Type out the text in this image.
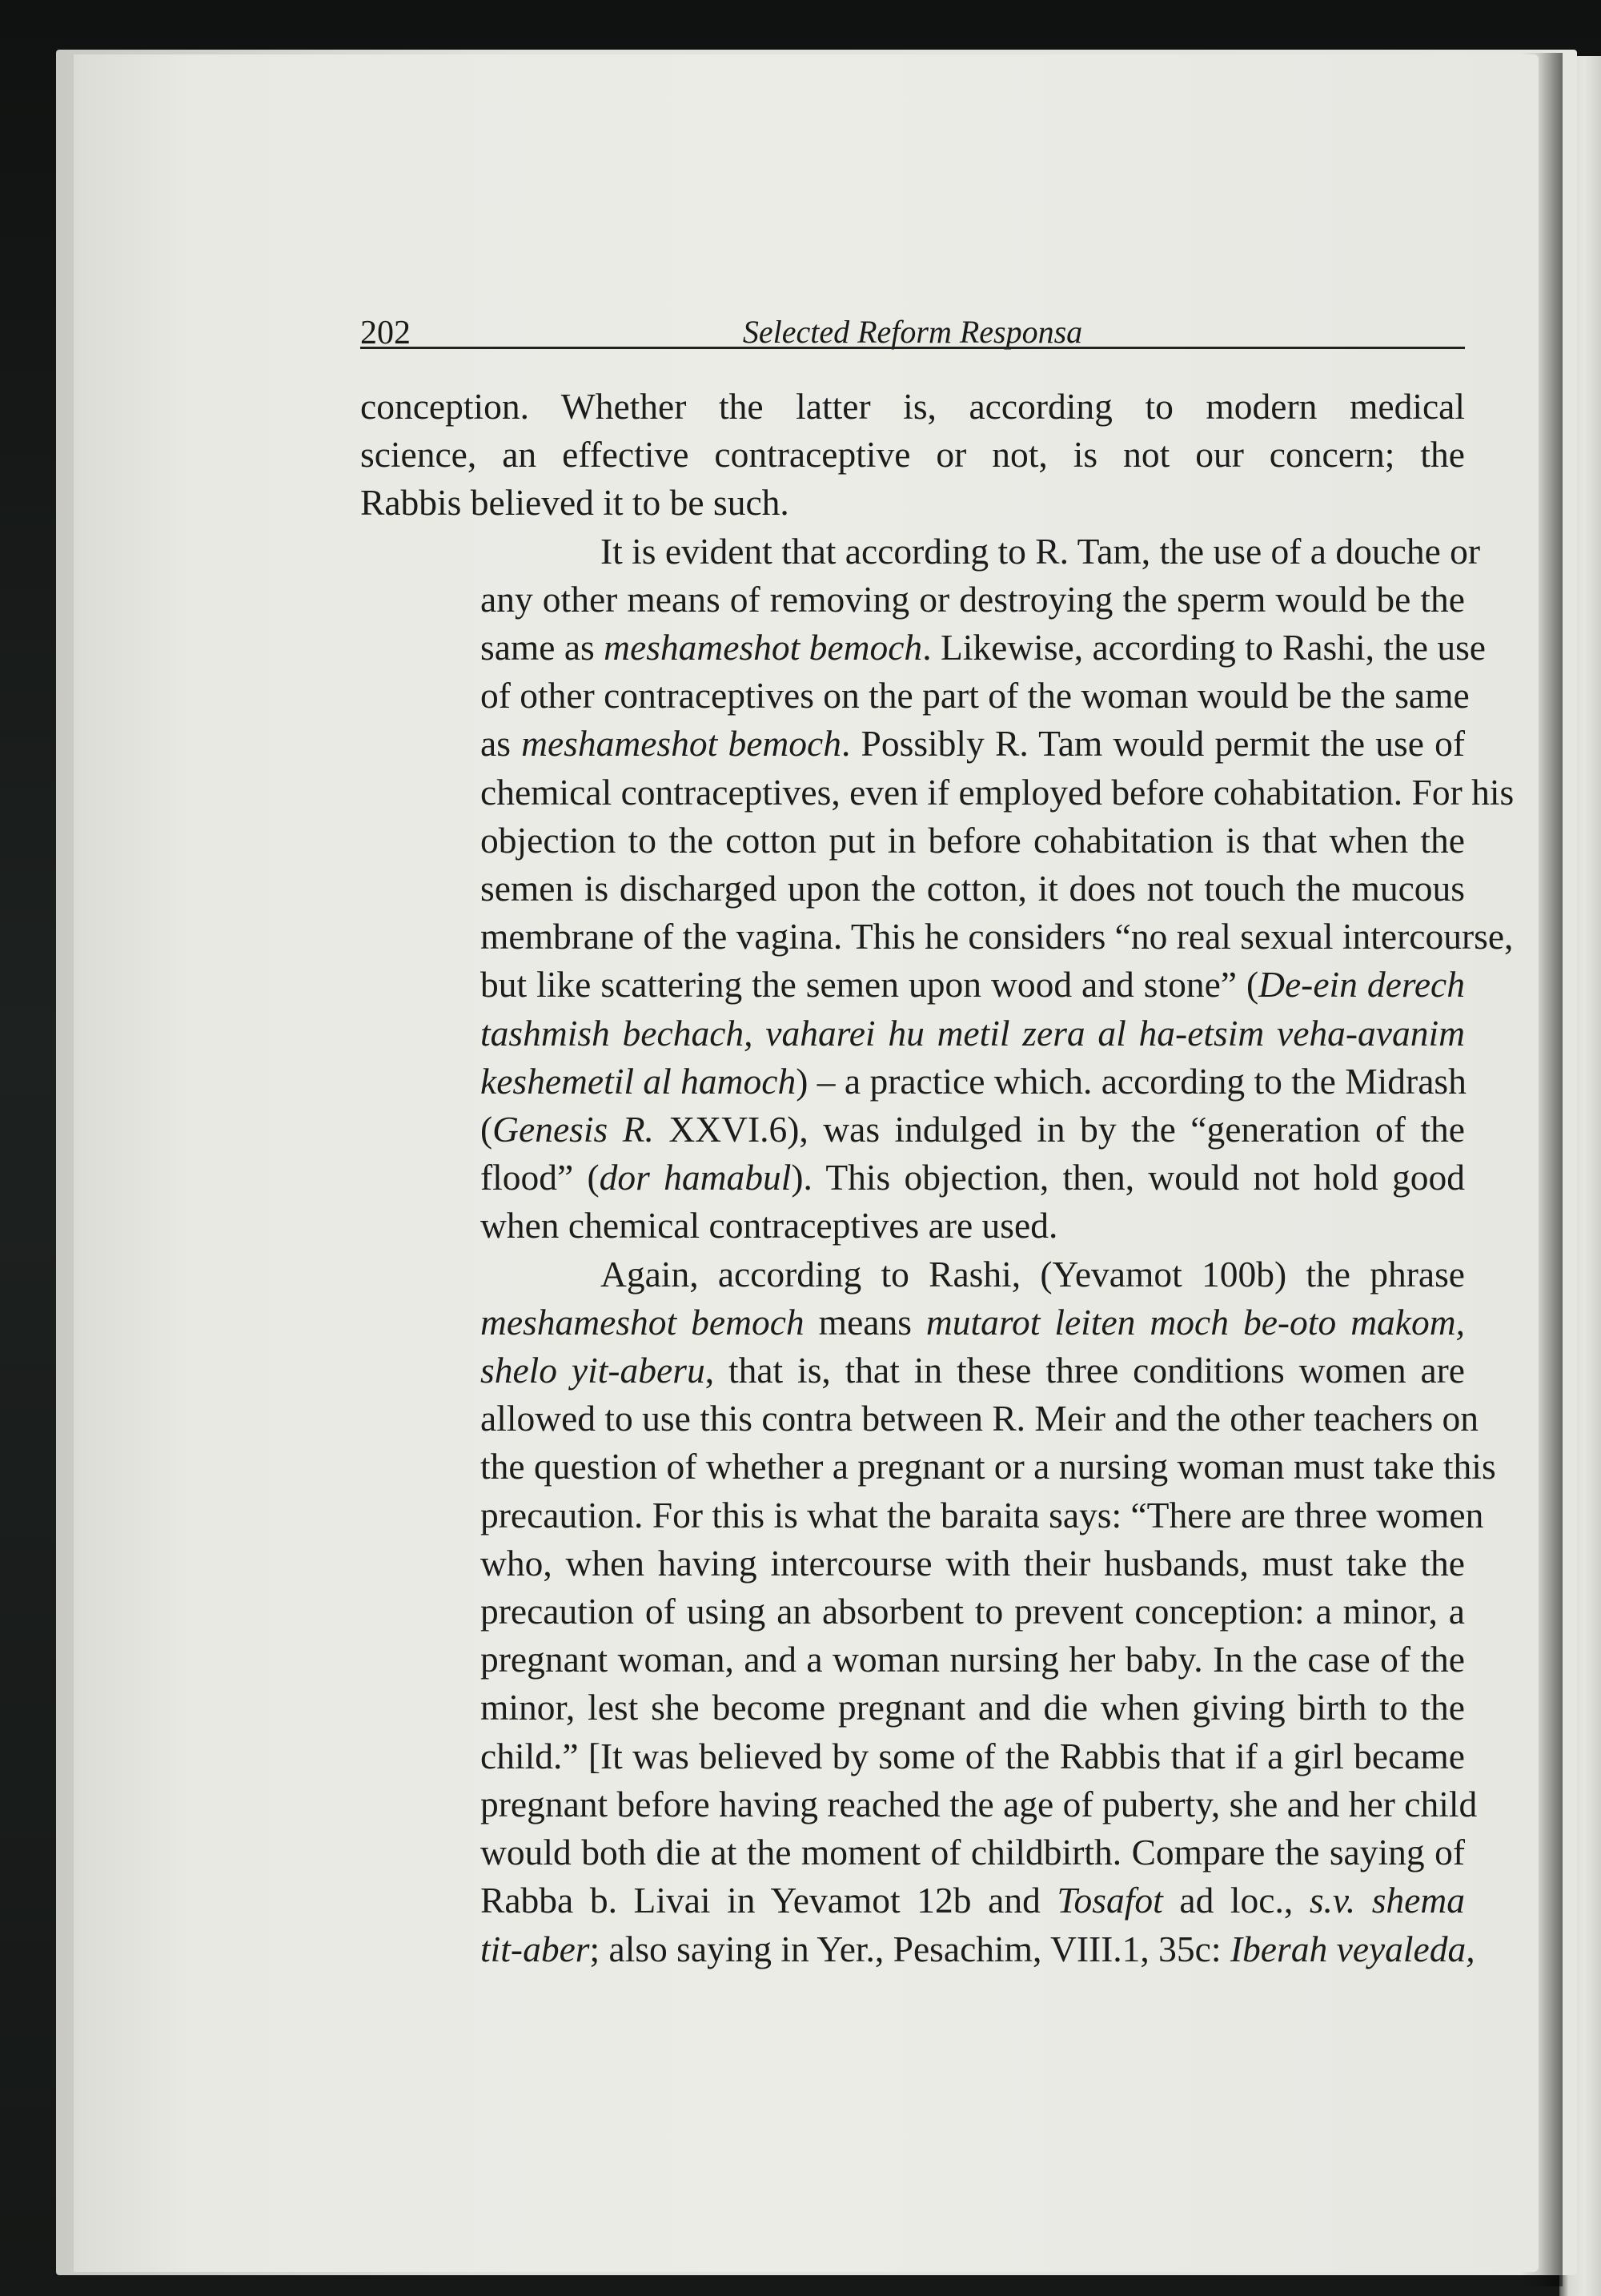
202	Selected Reform Responsa
conception. Whether the latter is, according to modern medical
science, an effective contraceptive or not, is not our concern; the
Rabbis believed it to be such.
It is evident that according to R. Tam, the use of a douche or
any other means of removing or destroying the sperm would be the
same as meshameshot bemoch. Likewise, according to Rashi, the use
of other contraceptives on the part of the woman would be the same
as meshameshot bemoch. Possibly R. Tam would permit the use of
chemical contraceptives, even if employed before cohabitation. For his
objection to the cotton put in before cohabitation is that when the
semen is discharged upon the cotton, it does not touch the mucous
membrane of the vagina. This he considers “no real sexual intercourse,
but like scattering the semen upon wood and stone” (De-ein derech
tashmish bechach, vaharei hu metil zera al ha-etsim veha-avanim
keshemetil al hamoch) – a practice which. according to the Midrash
(Genesis R. XXVI.6), was indulged in by the “generation of the
flood” (dor hamabul). This objection, then, would not hold good
when chemical contraceptives are used.
Again, according to Rashi, (Yevamot 100b) the phrase
meshameshot bemoch means mutarot leiten moch be-oto makom,
shelo yit-aberu, that is, that in these three conditions women are
allowed to use this contra between R. Meir and the other teachers on
the question of whether a pregnant or a nursing woman must take this
precaution. For this is what the baraita says: “There are three women
who, when having intercourse with their husbands, must take the
precaution of using an absorbent to prevent conception: a minor, a
pregnant woman, and a woman nursing her baby. In the case of the
minor, lest she become pregnant and die when giving birth to the
child.” [It was believed by some of the Rabbis that if a girl became
pregnant before having reached the age of puberty, she and her child
would both die at the moment of childbirth. Compare the saying of
Rabba b. Livai in Yevamot 12b and Tosafot ad loc., s.v. shema
tit-aber; also saying in Yer., Pesachim, VIII.1, 35c: Iberah veyaleda,
